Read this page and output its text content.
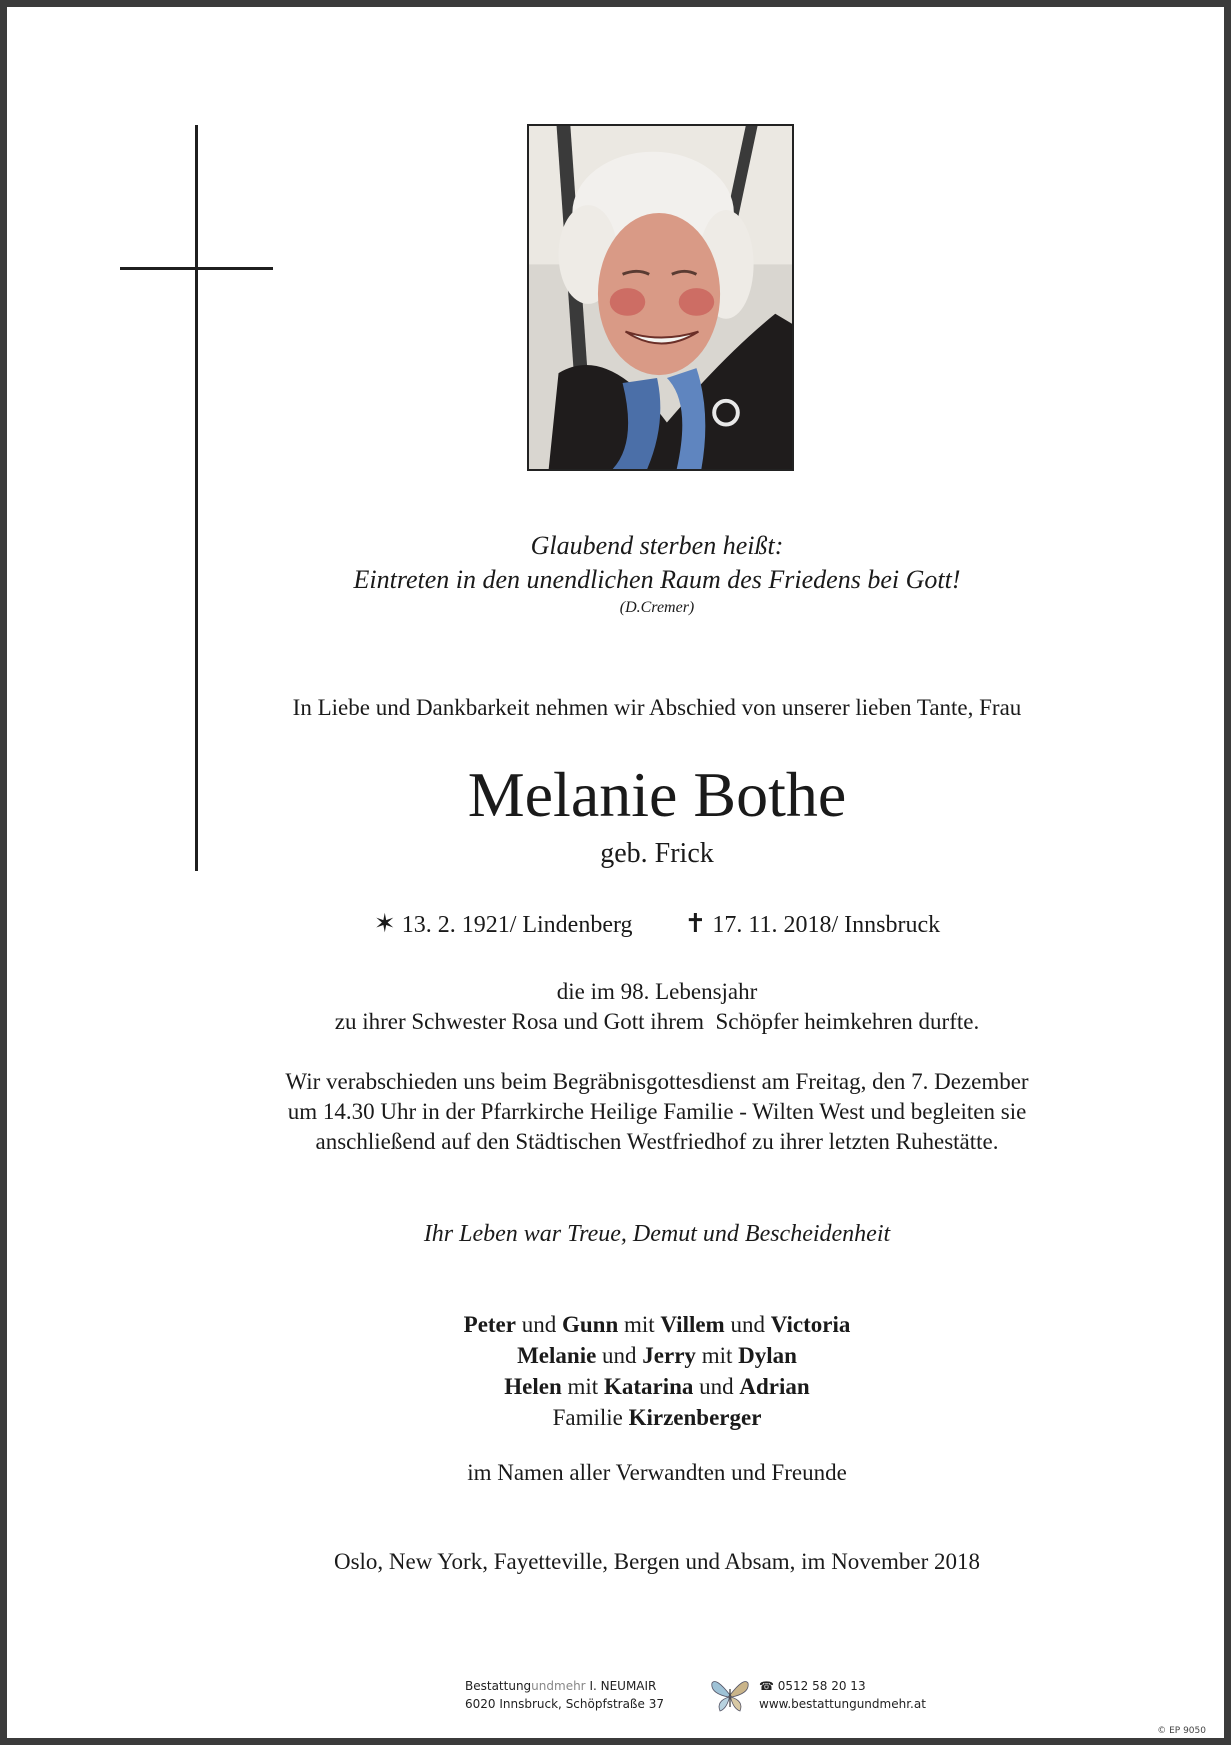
Glaubend sterben heißt:
Eintreten in den unendlichen Raum des Friedens bei Gott!
(D.Cremer)
In Liebe und Dankbarkeit nehmen wir Abschied von unserer lieben Tante, Frau
Melanie Bothe
geb. Frick
✶ 13. 2. 1921/ Lindenberg ✝ 17. 11. 2018/ Innsbruck
die im 98. Lebensjahr
zu ihrer Schwester Rosa und Gott ihrem  Schöpfer heimkehren durfte.
Wir verabschieden uns beim Begräbnisgottesdienst am Freitag, den 7. Dezember
um 14.30 Uhr in der Pfarrkirche Heilige Familie - Wilten West und begleiten sie
anschließend auf den Städtischen Westfriedhof zu ihrer letzten Ruhestätte.
Ihr Leben war Treue, Demut und Bescheidenheit
Peter und Gunn mit Villem und Victoria
Melanie und Jerry mit Dylan
Helen mit Katarina und Adrian
Familie Kirzenberger
im Namen aller Verwandten und Freunde
Oslo, New York, Fayetteville, Bergen und Absam, im November 2018
Bestattungundmehr I. NEUMAIR
6020 Innsbruck, Schöpfstraße 37
☎ 0512 58 20 13
www.bestattungundmehr.at
© EP 9050
